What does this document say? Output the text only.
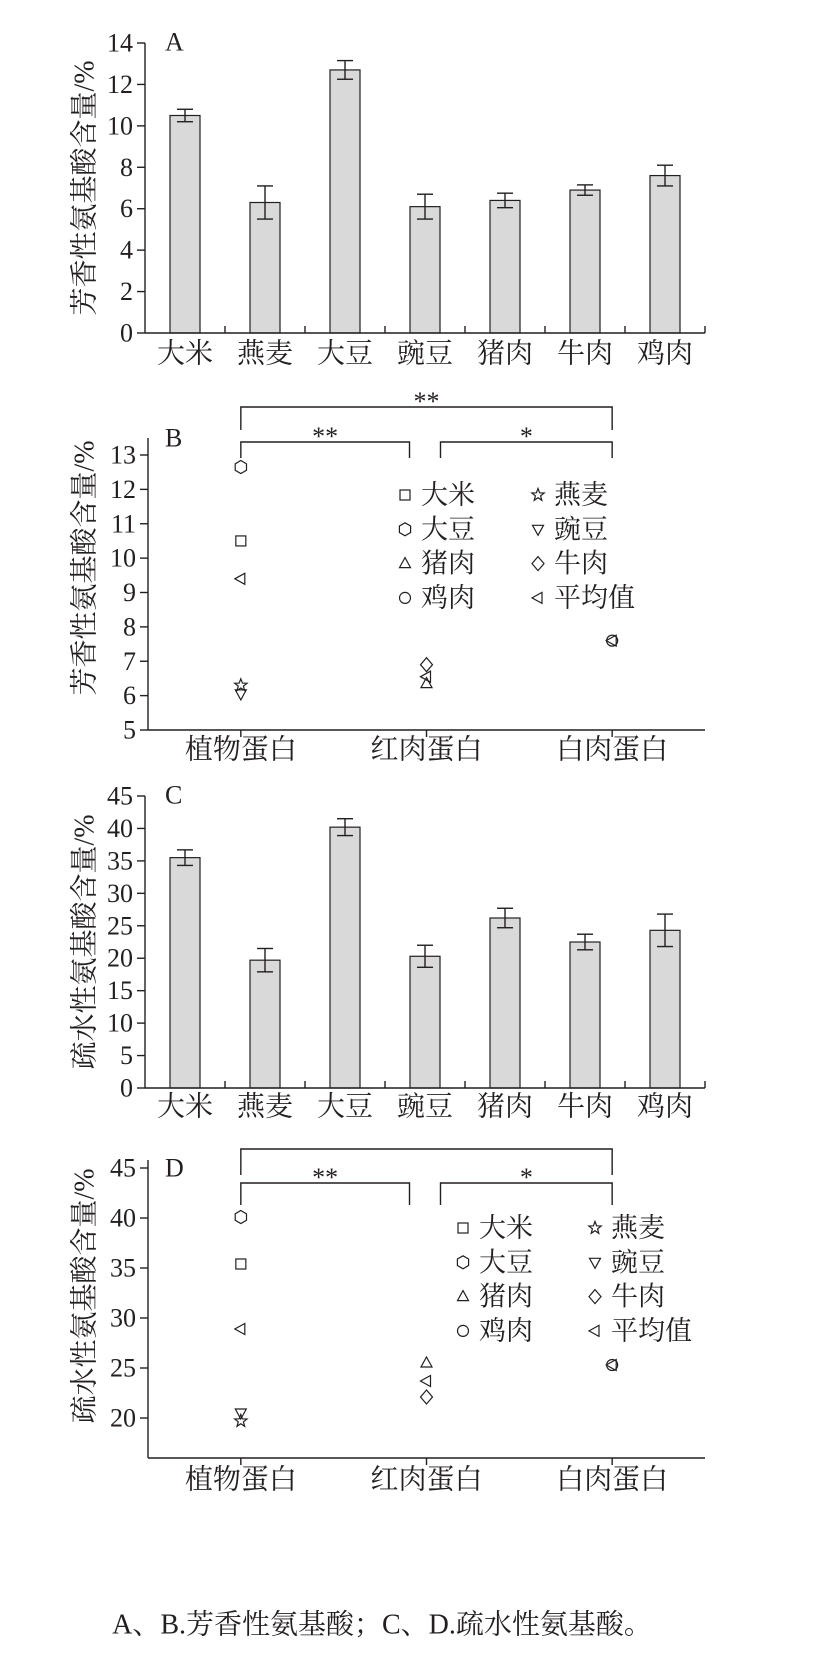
0
2
4
6
8
10
12
14
大米 燕麦 大豆 豌豆 猪肉 牛肉 鸡肉
A
芳香性氨基酸含量/%
5
6
7
8
9
10
11
12
13
植物蛋白	红肉蛋白	白肉蛋白
B
芳香性氨基酸含量/%	大米	燕麦
大豆	豌豆
猪肉	牛肉
鸡肉	平均值
**
**	*
0
5
10
15
20
25
30
35
40
45
大米 燕麦 大豆 豌豆 猪肉 牛肉 鸡肉
C
疏水性氨基酸含量/%
20
25
30
35
40
45
植物蛋白	红肉蛋白	白肉蛋白
D
疏水性氨基酸含量/%	大米	燕麦
大豆	豌豆
猪肉	牛肉
鸡肉	平均值
**	*
A、B.芳香性氨基酸；C、D.疏水性氨基酸。
